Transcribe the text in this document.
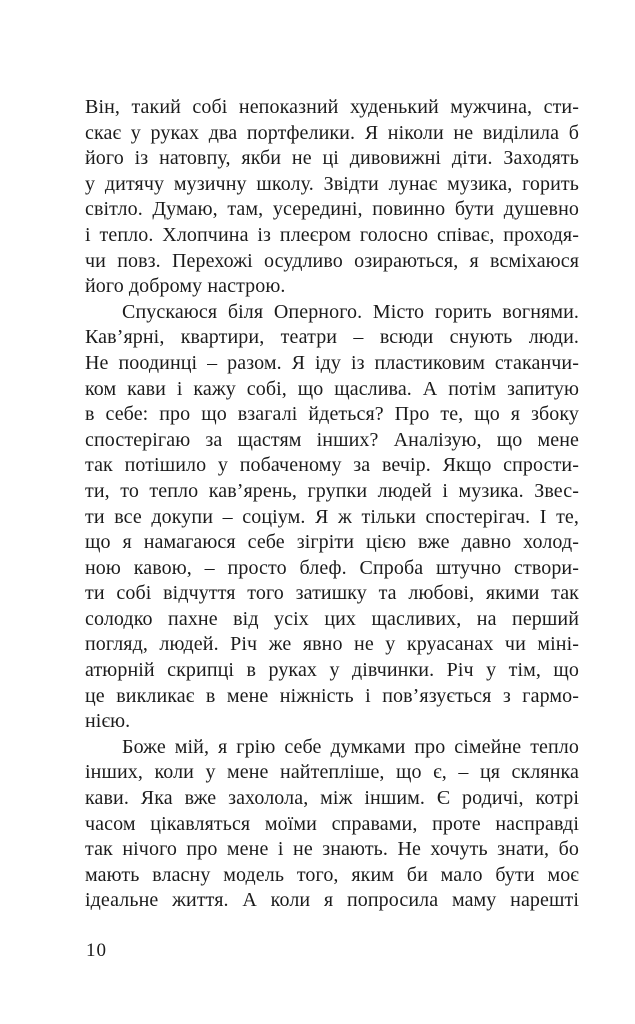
Він, такий собі непоказний худенький мужчина, сти-
скає у руках два портфелики. Я ніколи не виділила б
його із натовпу, якби не ці дивовижні діти. Заходять
у дитячу музичну школу. Звідти лунає музика, горить
світло. Думаю, там, усередині, повинно бути душевно
і тепло. Хлопчина із плеєром голосно співає, проходя-
чи повз. Перехожі осудливо озираються, я всміхаюся
його доброму настрою.
Спускаюся біля Оперного. Місто горить вогнями.
Кав’ярні, квартири, театри – всюди снують люди.
Не поодинці – разом. Я іду із пластиковим стаканчи-
ком кави і кажу собі, що щаслива. А потім запитую
в себе: про що взагалі йдеться? Про те, що я збоку
спостерігаю за щастям інших? Аналізую, що мене
так потішило у побаченому за вечір. Якщо спрости-
ти, то тепло кав’ярень, групки людей і музика. Звес-
ти все докупи – соціум. Я ж тільки спостерігач. І те,
що я намагаюся себе зігріти цією вже давно холод-
ною кавою, – просто блеф. Спроба штучно створи-
ти собі відчуття того затишку та любові, якими так
солодко пахне від усіх цих щасливих, на перший
погляд, людей. Річ же явно не у круасанах чи міні-
атюрній скрипці в руках у дівчинки. Річ у тім, що
це викликає в мене ніжність і пов’язується з гармо-
нією.
Боже мій, я грію себе думками про сімейне тепло
інших, коли у мене найтепліше, що є, – ця склянка
кави. Яка вже захолола, між іншим. Є родичі, котрі
часом цікавляться моїми справами, проте насправді
так нічого про мене і не знають. Не хочуть знати, бо
мають власну модель того, яким би мало бути моє
ідеальне життя. А коли я попросила маму нарешті
10
